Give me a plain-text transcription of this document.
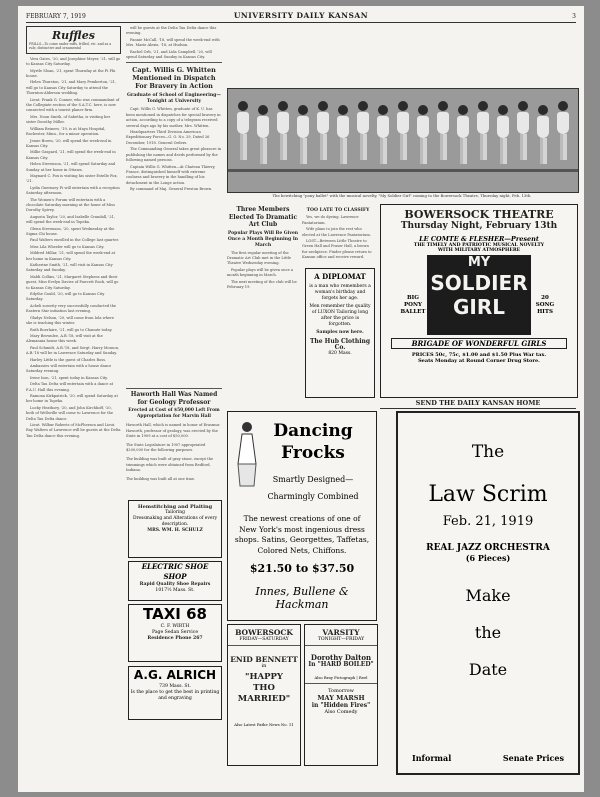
FEBRUARY 7, 1919	UNIVERSITY DAILY KANSAN	3
Ruffles
FRILLS—To come under ruffs, frilled, etc. and as a rule, distinctive and ornamental

Vera Gates, '20, and Josephine Meyer, '21, will go to Kansas City Saturday.

Myrtle Sloan, '21, spent Thursday at the Pi Phi house.

Helen Thurston, '21, and Mary Pemberton, '21, will go to Kansas City Saturday to attend the Thornton-Alderson wedding.

Lieut. Frank G. Conner, who was commandant of the Collegiate section of the S.A.T.C. here, is now connected with a tourist planer firm.

Mrs. Noon Smith, of Sabetha, is visiting her sister Dorothy Miller.

William Reiners, '19, is at Mayo Hospital, Rochester, Minn., for a minor operation.

Jessie Boren, '20, will spend the week-end in Kansas City.

Millie Gaspard, '21, will spend the week-end in Kansas City.

Helen Stevenson, '21, will spend Saturday and Sunday at her home in Ottawa.

Maynard C. Fox is visiting his sister Estelle Fox, '21.

Lydia Guernsey Fi will entertain with a reception Saturday afternoon.

The Women's Forum will entertain with a chocolate Saturday morning at the home of Miss Dorothy Spivey.

Augusta Taylor, '20, and Isabelle Crandall, '21, will spend the week-end in Topeka.

Glenn Stevenson, '20, spent Wednesday at the Sigma Chi house.

Paul Walters enrolled in the College last quarter.

Miss Lila Wheeler will go to Kansas City.

Mildred Millar, '21, will spend the week-end at her home in Kansas City.

Katherine Smith, '21, will visit in Kansas City Saturday and Sunday.

Maldi Collins, '21, Margaret Stephens and their guest, Miss Evelyn Davies of Fawcett Rock, will go to Kansas City Saturday.

Edythe Gould, '20, will go to Kansas City Saturday.

Acheli sorority very successfully conducted the Eastern Star initiation last evening.

Gladys Nelson, '20, will come from Iola where she is teaching this winter.

Ruth Boerlaire, '21, will go to Chanute today.

Mary Brownlee, A.B.'18, will visit at the Alemannia house this week.

Paul Schmidt, A.B.'18, and Sergt. Harry Mosson, A.B.'18 will be in Lawrence Saturday and Sunday.

Harley Little is the guest of Charles Ross.

Ambassies will entertain with a house dance Saturday evening.

Irene Ison, '21, spent today in Kansas City.

Delta Tau Delta will entertain with a dance at F.A.U. Hall this evening.

Ramona Kirkpatrick, '20, will spend Saturday at her home in Topeka.

Lucky Heathory, '20, and John Kirchhoff, '20, both of Wellsville will come to Lawrence for the Delta Tau Delta dance.

Lieut. Wilbur Roberts of McPherson and Lieut. Ray Walters of Lawrence will be guests at the Delta Tau Delta dance this evening.

will be guests at the Delta Tau Delta dance this evening.

Fannie McCall, '18, will spend the week-end with Mrs. Marie Alexis, '18, at Hudson.

Rachel Orb, '21, and Lida Campbell, '20, will spend Saturday and Sunday in Kansas City.

Capt. Willis G. Whitten Mentioned in Dispatch For Bravery in Action
Graduate of School of Engineering—Tonight at University

Capt. Willis G. Whitten, graduate of K. U. has been mentioned in dispatches for special bravery in action, according to a copy of a telegram received several days ago by his mother, Mrs. Whitten.

Headquarters Third Division American Expeditionary Forces—G. O. No. 29, Dated 26 December, 1918. General Orders.

The Commanding General takes great pleasure in publishing the names and deeds performed by the following named persons.

Captain Willis G. Whitten—At Chateau Thierry, France, distinguished himself with extreme coolness and bravery in the handling of his detachment in the Longe action.

By command of Maj. General Preston Brown.

Haworth Hall Was Named for Geology Professor
Erected at Cost of $50,000 Left From Appropriation for Marvin Hall

Haworth Hall, which is named in honor of Erasmus Haworth, professor of geology, was erected by the State in 1909 at a cost of $50,000.

The State Legislature in 1907 appropriated $200,000 for the following purposes.

The building was built of gray stone, except the trimmings which were obtained from Bedford, Indiana.

The building was built all at one time.

Hemstitching and Plaiting
Tailoring
Dressmaking and Alterations of every description.
MRS. WM. H. SCHULZ
ELECTRIC SHOE SHOP
Rapid Quality Shoe Repairs
1017½ Mass. St.
TAXI 68
C. F. WIRTH
Page Sedan Service
Residence Phone 267
A.G. ALRICH
739 Mass. St.
Is the place to get the best in printing and engraving
The bewitching "pony ballet" with the musical novelty, "My Soldier Girl" coming to the Bowersock Theatre, Thursday night, Feb. 13th.
Three Members Elected To Dramatic Art Club
Popular Plays Will Be Given Once a Month Beginning In March

The first regular meeting of the Dramatic Art Club met in the Little Theatre Wednesday evening.

Popular plays will be given once a month beginning in March.

The next meeting of the club will be February 19.

TOO LATE TO CLASSIFY

Yes, we do dyeing. Lawrence Pantatorium.

Wife plans to join the rest who elected at the Lawrence Pantatorium.

LOST—Between Little Theatre to Green Hall and Fraser Hall, a brown fur neckpiece. Finder please return to Kansan office and receive reward.

A DIPLOMAT
is a man who remembers a woman's birthday and forgets her age.
Men remember the quality of LUXON Tailoring long after the price is forgotten.
Samples now here.
The Hub Clothing Co.
820 Mass.
BOWERSOCK THEATRE
Thursday Night, February 13th
LE COMTE & FLESHER—Present
THE TIMELY AND PATRIOTIC MUSICAL NOVELTY
WITH MILITARY ATMOSPHERE
MY
SOLDIER
GIRL
BIG PONY BALLET
20 SONG HITS
BRIGADE OF WONDERFUL GIRLS
PRICES 50c, 75c, $1.00 and $1.50 Plus War tax.
Seats Monday at Round Corner Drug Store.
SEND THE DAILY KANSAN HOME
Dancing Frocks
Smartly Designed—
Charmingly Combined
The newest creations of one of New York's most ingenious dress shops. Satins, Georgettes, Taffetas, Colored Nets, Chiffons.
$21.50 to $37.50
Innes, Bullene & Hackman
BOWERSOCK
FRIDAY—SATURDAY
ENID BENNETT
in
"HAPPY THO MARRIED"
Also Latest Pathe News No. 11
VARSITY
TONIGHT—FRIDAY
Dorothy Dalton
In "HARD BOILED"
Also Bray Pictograph | Reel
Tomorrow
MAY MARSH
in "Hidden Fires"
Also Comedy
The
Law Scrim
Feb. 21, 1919
REAL JAZZ ORCHESTRA
(6 Pieces)
Make
the
Date
Informal	Senate Prices
